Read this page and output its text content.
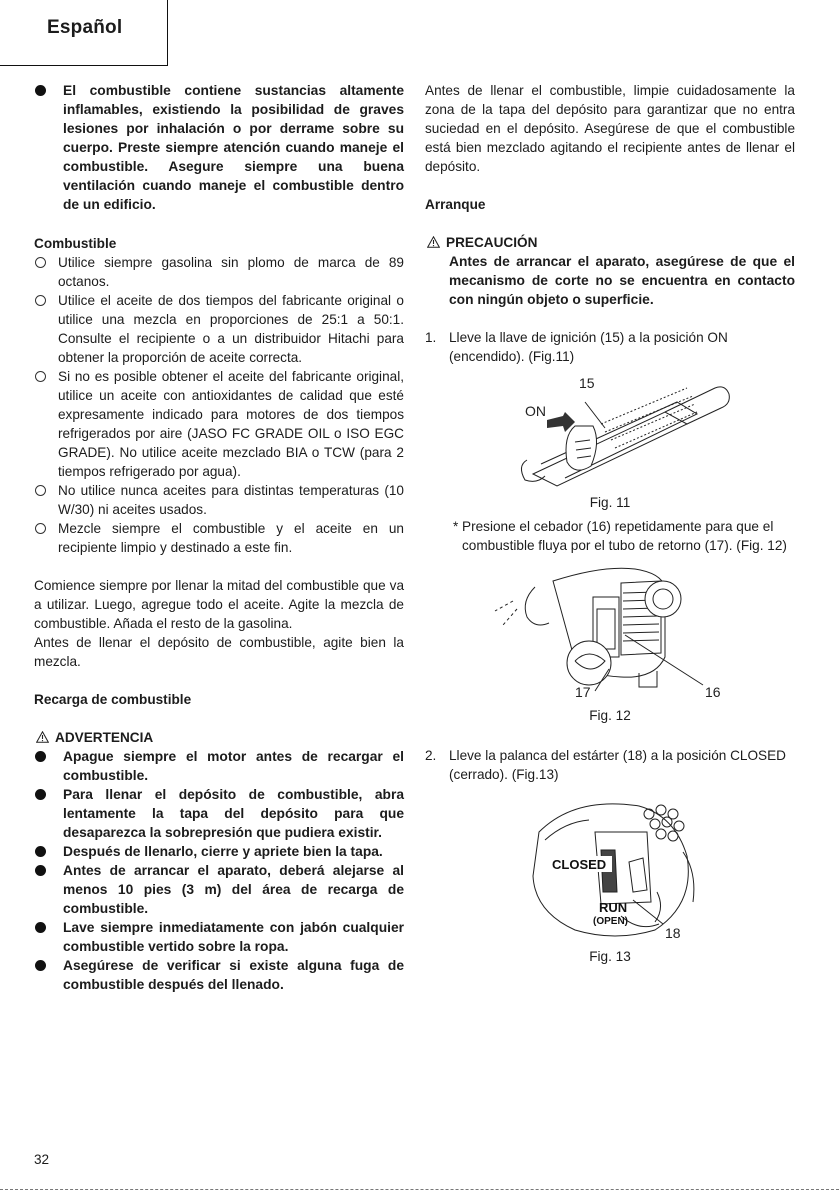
Español
El combustible contiene sustancias altamente inflamables, existiendo la posibilidad de graves lesiones por inhalación o por derrame sobre su cuerpo. Preste siempre atención cuando maneje el combustible. Asegure siempre una buena ventilación cuando maneje el combustible dentro de un edificio.

Combustible

Utilice siempre gasolina sin plomo de marca de 89 octanos.
Utilice el aceite de dos tiempos del fabricante original o utilice una mezcla en proporciones de 25:1 a 50:1. Consulte el recipiente o a un distribuidor Hitachi para obtener la proporción de aceite correcta.
Si no es posible obtener el aceite del fabricante original, utilice un aceite con antioxidantes de calidad que esté expresamente indicado para motores de dos tiempos refrigerados por aire (JASO FC GRADE OIL o ISO EGC GRADE). No utilice aceite mezclado BIA o TCW (para 2 tiempos refrigerado por agua).
No utilice nunca aceites para distintas temperaturas (10 W/30) ni aceites usados.
Mezcle siempre el combustible y el aceite en un recipiente limpio y destinado a este fin.

Comience siempre por llenar la mitad del combustible que va a utilizar. Luego, agregue todo el aceite. Agite la mezcla de combustible. Añada el resto de la gasolina.

Antes de llenar el depósito de combustible, agite bien la mezcla.

Recarga de combustible

ADVERTENCIA

Apague siempre el motor antes de recargar el combustible.
Para llenar el depósito de combustible, abra lentamente la tapa del depósito para que desaparezca la sobrepresión que pudiera existir.
Después de llenarlo, cierre y apriete bien la tapa.
Antes de arrancar el aparato, deberá alejarse al menos 10 pies (3 m) del área de recarga de combustible.
Lave siempre inmediatamente con jabón cualquier combustible vertido sobre la ropa.
Asegúrese de verificar si existe alguna fuga de combustible después del llenado.

Antes de llenar el combustible, limpie cuidadosamente la zona de la tapa del depósito para garantizar que no entra suciedad en el depósito. Asegúrese de que el combustible está bien mezclado agitando el recipiente antes de llenar el depósito.

Arranque

PRECAUCIÓN

Antes de arrancar el aparato, asegúrese de que el mecanismo de corte no se encuentra en contacto con ningún objeto o superficie.

1. Lleve la llave de ignición (15) a la posición ON (encendido). (Fig.11)
15
ON

Fig. 11

* Presione el cebador (16) repetidamente para que el combustible fluya por el tubo de retorno (17). (Fig. 12)
17	16

Fig. 12

2. Lleve la palanca del estárter (18) a la posición CLOSED (cerrado). (Fig.13)
CLOSED
RUN
(OPEN)
18

Fig. 13

32
